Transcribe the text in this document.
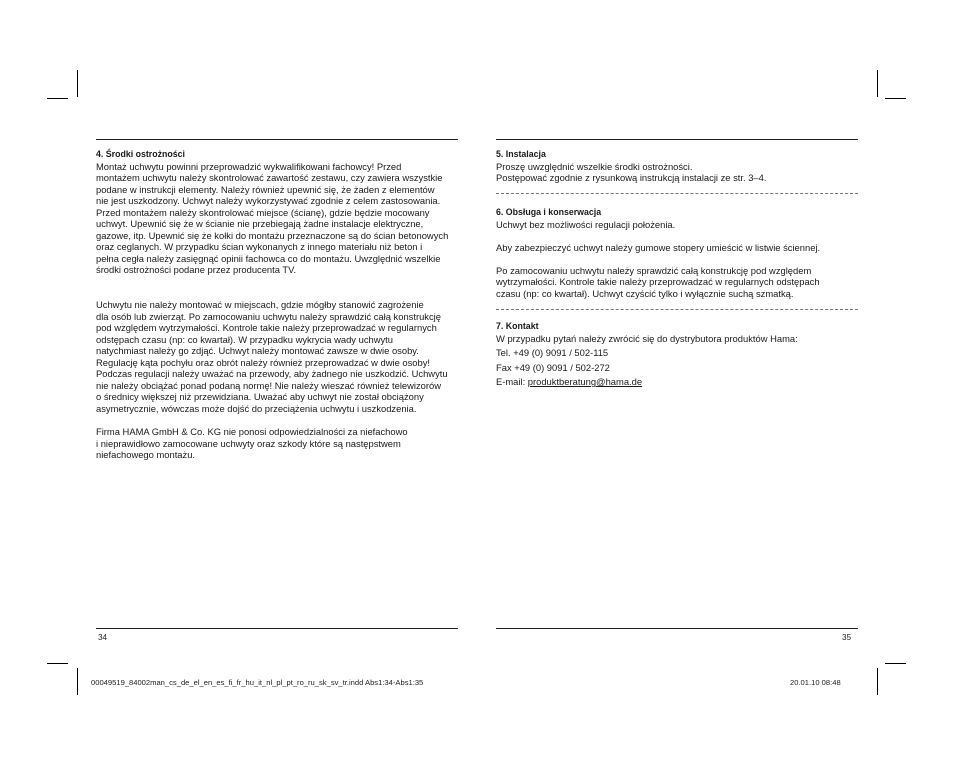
4. Środki ostrożności
Montaż uchwytu powinni przeprowadzić wykwalifikowani fachowcy! Przed
montażem uchwytu należy skontrolować zawartość zestawu, czy zawiera wszystkie
podane w instrukcji elementy. Należy również upewnić się, że żaden z elementów
nie jest uszkodzony. Uchwyt należy wykorzystywać zgodnie z celem zastosowania.
Przed montażem należy skontrolować miejsce (ścianę), gdzie będzie mocowany
uchwyt. Upewnić się że w ścianie nie przebiegają żadne instalacje elektryczne,
gazowe, itp. Upewnić się że kołki do montażu przeznaczone są do ścian betonowych
oraz ceglanych. W przypadku ścian wykonanych z innego materiału niż beton i
pełna cegła należy zasięgnąć opinii fachowca co do montażu. Uwzględnić wszelkie
środki ostrożności podane przez producenta TV.
Uchwytu nie należy montować w miejscach, gdzie mógłby stanowić zagrożenie
dla osób lub zwierząt. Po zamocowaniu uchwytu należy sprawdzić całą konstrukcję
pod względem wytrzymałości. Kontrole takie należy przeprowadzać w regularnych
odstępach czasu (np: co kwartał). W przypadku wykrycia wady uchwytu
natychmiast należy go zdjąć. Uchwyt należy montować zawsze w dwie osoby.
Regulację kąta pochyłu oraz obrót należy również przeprowadzać w dwie osoby!
Podczas regulacji należy uważać na przewody, aby żadnego nie uszkodzić. Uchwytu
nie należy obciążać ponad podaną normę! Nie należy wieszać również telewizorów
o średnicy większej niż przewidziana. Uważać aby uchwyt nie został obciążony
asymetrycznie, wówczas może dojść do przeciążenia uchwytu i uszkodzenia.
Firma HAMA GmbH & Co. KG nie ponosi odpowiedzialności za niefachowo
i nieprawidłowo zamocowane uchwyty oraz szkody które są następstwem
niefachowego montażu.
5. Instalacja
Proszę uwzględnić wszelkie środki ostrożności.
Postępować zgodnie z rysunkową instrukcją instalacji ze str. 3–4.
6. Obsługa i konserwacja
Uchwyt bez możliwości regulacji położenia.
Aby zabezpieczyć uchwyt należy gumowe stopery umieścić w listwie ściennej.
Po zamocowaniu uchwytu należy sprawdzić całą konstrukcję pod względem
wytrzymałości. Kontrole takie należy przeprowadzać w regularnych odstępach
czasu (np: co kwartał). Uchwyt czyścić tylko i wyłącznie suchą szmatką.
7. Kontakt
W przypadku pytań należy zwrócić się do dystrybutora produktów Hama:
Tel. +49 (0) 9091 / 502-115
Fax +49 (0) 9091 / 502-272
E-mail: produktberatung@hama.de
34	35
00049519_84002man_cs_de_el_en_es_fi_fr_hu_it_nl_pl_pt_ro_ru_sk_sv_tr.indd Abs1:34-Abs1:35	20.01.10 08:48
